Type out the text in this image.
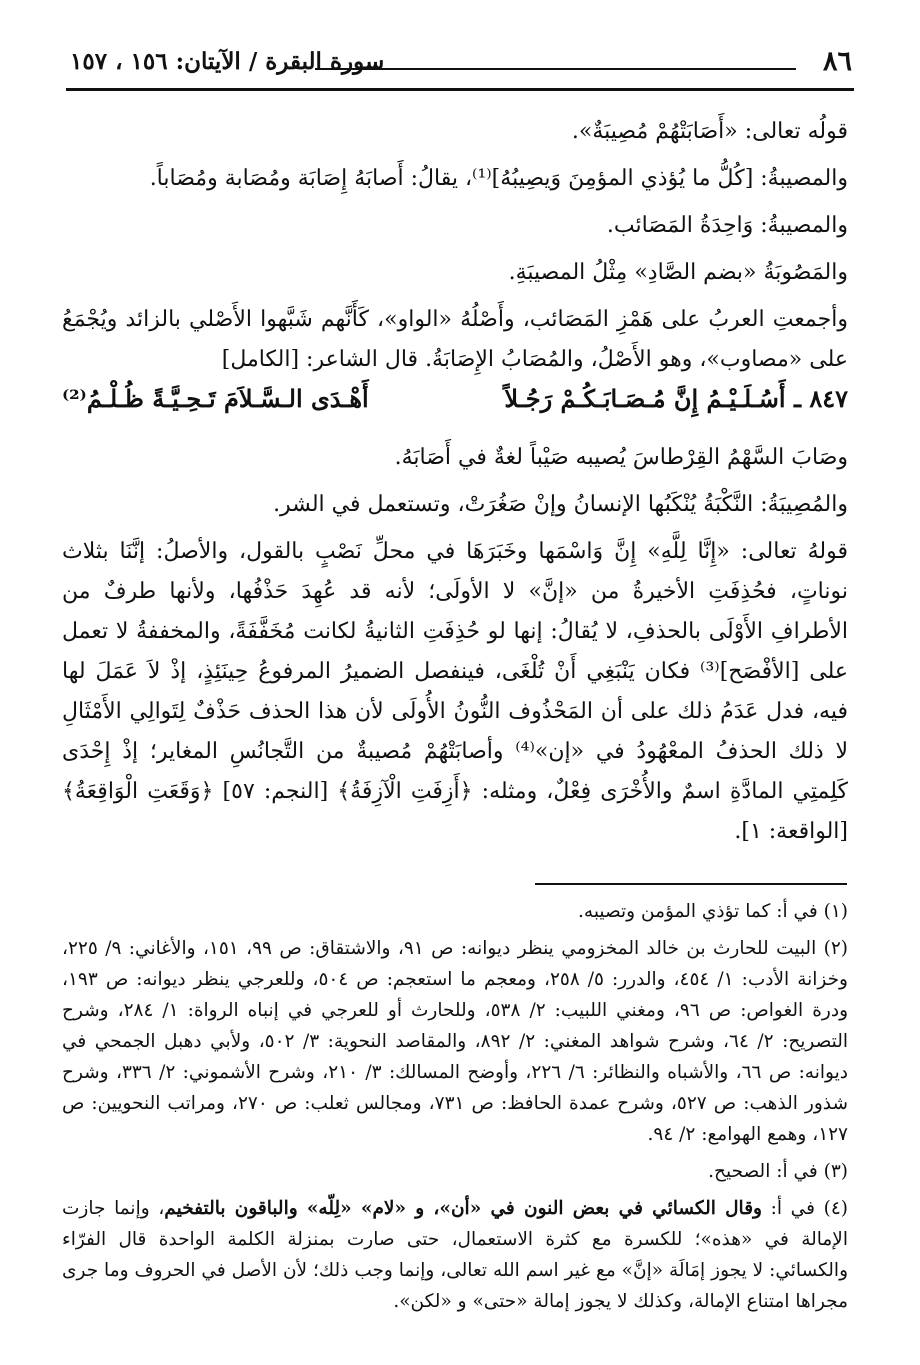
٨٦
سورة البقرة / الآيتان: ١٥٦ ، ١٥٧

قولُه تعالى: «أَصَابَتْهُمْ مُصِيبَةٌ».

والمصيبةُ: [كُلُّ ما يُؤذي المؤمِنَ وَيصِيبُهُ]⁽¹⁾، يقالُ: أَصابَهُ إِصَابَة ومُصَابة ومُصَاباً.

والمصيبةُ: وَاحِدَةُ المَصَائب.

والمَصُوبَةُ «بضم الصَّادِ» مِثْلُ المصيبَةِ.

وأجمعتِ العربُ على هَمْزِ المَصَائب، وأَصْلُهُ «الواو»، كَأَنَّهم شَبَّهوا الأَصْلي بالزائد ويُجْمَعُ على «مصاوب»، وهو الأَصْلُ، والمُصَابُ الإِصَابَةُ. قال الشاعر: [الكامل]

٨٤٧ ـ أَسُـلَـيْـمُ إِنَّ مُـصَـابَـكُـمْ رَجُـلاً
أَهْـدَى الـسَّـلاَمَ تَـحِـيَّـةً ظُـلْـمُ⁽²⁾

وصَابَ السَّهْمُ القِرْطاسَ يُصيبه صَيْباً لغةٌ في أَصَابَهُ.

والمُصِيبَةُ: النَّكْبَةُ يُنْكَبُها الإنسانُ وإنْ صَغُرَتْ، وتستعمل في الشر.

قولهُ تعالى: «إِنَّا لِلَّهِ» إِنَّ وَاسْمَها وخَبَرَهَا في محلِّ نَصْبٍ بالقول، والأصلُ: إنَّنَا بثلاث نوناتٍ، فحُذِفَتِ الأخيرةُ من «إنَّ» لا الأولَى؛ لأنه قد عُهِدَ حَذْفُها، ولأنها طرفٌ من الأطرافِ الأَوْلَى بالحذفِ، لا يُقالُ: إنها لو حُذِفَتِ الثانيةُ لكانت مُخَفَّفَةً، والمخففةُ لا تعمل على [الأفْصَح]⁽³⁾ فكان يَنْبَغِي أَنْ تُلْغَى، فينفصل الضميرُ المرفوعُ حِينَئِذٍ، إذْ لاَ عَمَلَ لها فيه، فدل عَدَمُ ذلك على أن المَحْذُوف النُّونُ الأُولَى لأن هذا الحذف حَذْفٌ لِتَوالِي الأَمْثَالِ لا ذلك الحذفُ المعْهُودُ في «إن»⁽⁴⁾ وأصابَتْهُمْ مُصيبةٌ من التَّجانُسِ المغاير؛ إذْ إِحْدَى كَلِمتِي المادَّةِ اسمٌ والأُخْرَى فِعْلٌ، ومثله: ﴿أَزِفَتِ الْآزِفَةُ﴾ [النجم: ٥٧] ﴿وَقَعَتِ الْوَاقِعَةُ﴾ [الواقعة: ١].

(١) في أ: كما تؤذي المؤمن وتصيبه.

(٢) البيت للحارث بن خالد المخزومي ينظر ديوانه: ص ٩١، والاشتقاق: ص ٩٩، ١٥١، والأغاني: ٩/ ٢٢٥، وخزانة الأدب: ١/ ٤٥٤، والدرر: ٥/ ٢٥٨، ومعجم ما استعجم: ص ٥٠٤، وللعرجي ينظر ديوانه: ص ١٩٣، ودرة الغواص: ص ٩٦، ومغني اللبيب: ٢/ ٥٣٨، وللحارث أو للعرجي في إنباه الرواة: ١/ ٢٨٤، وشرح التصريح: ٢/ ٦٤، وشرح شواهد المغني: ٢/ ٨٩٢، والمقاصد النحوية: ٣/ ٥٠٢، ولأبي دهبل الجمحي في ديوانه: ص ٦٦، والأشباه والنظائر: ٦/ ٢٢٦، وأوضح المسالك: ٣/ ٢١٠، وشرح الأشموني: ٢/ ٣٣٦، وشرح شذور الذهب: ص ٥٢٧، وشرح عمدة الحافظ: ص ٧٣١، ومجالس ثعلب: ص ٢٧٠، ومراتب النحويين: ص ١٢٧، وهمع الهوامع: ٢/ ٩٤.

(٣) في أ: الصحيح.

(٤) في أ: وقال الكسائي في بعض النون في «أن»، و «لام» «لِلّه» والباقون بالتفخيم، وإنما جازت الإمالة في «هذه»؛ للكسرة مع كثرة الاستعمال، حتى صارت بمنزلة الكلمة الواحدة قال الفرّاء والكسائي: لا يجوز إمَالَة «إنَّ» مع غير اسم الله تعالى، وإنما وجب ذلك؛ لأن الأصل في الحروف وما جرى مجراها امتناع الإمالة، وكذلك لا يجوز إمالة «حتى» و «لكن».
